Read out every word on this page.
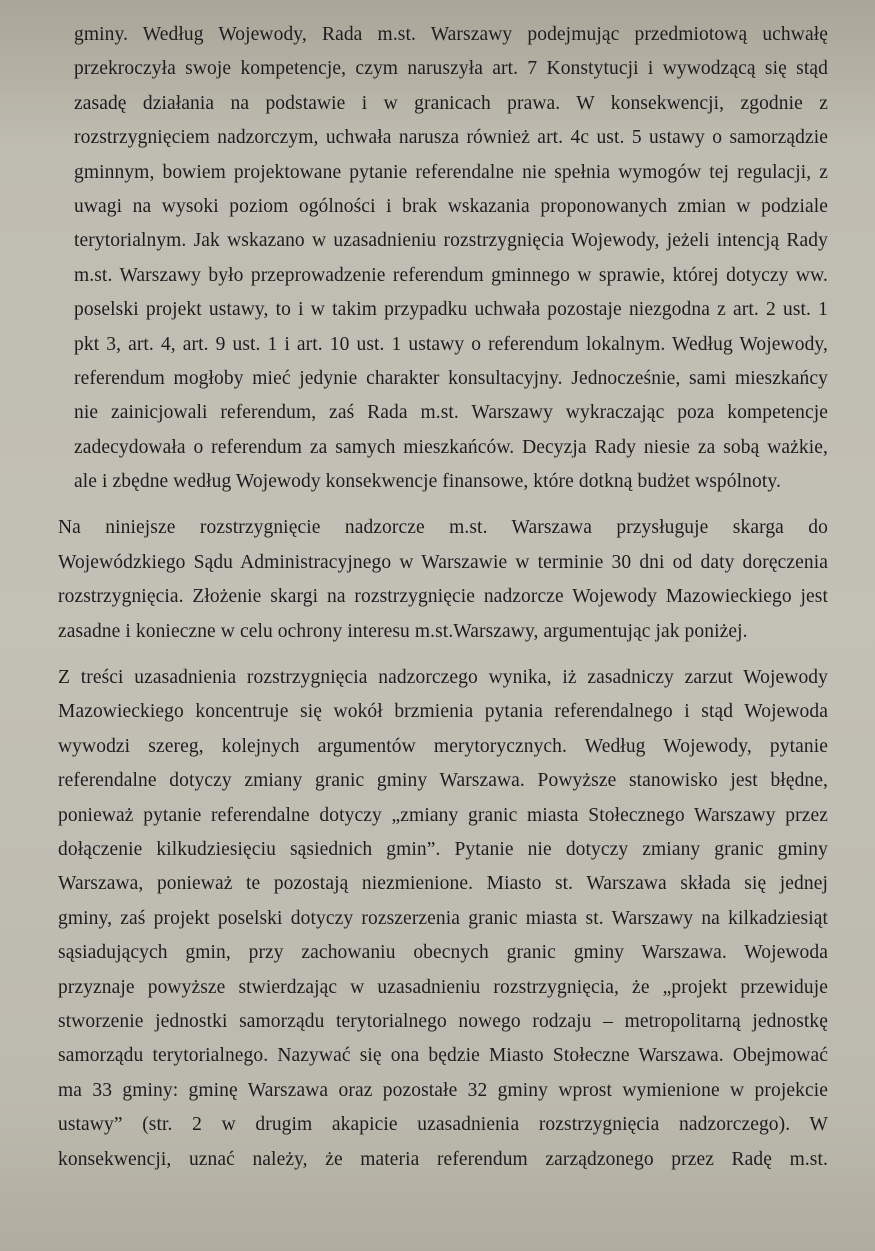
gminy. Według Wojewody, Rada m.st. Warszawy podejmując przedmiotową uchwałę
przekroczyła swoje kompetencje, czym naruszyła art. 7 Konstytucji i wywodzącą się stąd
zasadę działania na podstawie i w granicach prawa. W konsekwencji, zgodnie z
rozstrzygnięciem nadzorczym, uchwała narusza również art. 4c ust. 5 ustawy o samorządzie
gminnym, bowiem projektowane pytanie referendalne nie spełnia wymogów tej regulacji, z
uwagi na wysoki poziom ogólności i brak wskazania proponowanych zmian w podziale
terytorialnym. Jak wskazano w uzasadnieniu rozstrzygnięcia Wojewody, jeżeli intencją Rady
m.st. Warszawy było przeprowadzenie referendum gminnego w sprawie, której dotyczy ww.
poselski projekt ustawy, to i w takim przypadku uchwała pozostaje niezgodna z art. 2 ust. 1
pkt 3, art. 4, art. 9 ust. 1 i art. 10 ust. 1 ustawy o referendum lokalnym. Według Wojewody,
referendum mogłoby mieć jedynie charakter konsultacyjny. Jednocześnie, sami mieszkańcy
nie zainicjowali referendum, zaś Rada m.st. Warszawy wykraczając poza kompetencje
zadecydowała o referendum za samych mieszkańców. Decyzja Rady niesie za sobą ważkie,
ale i zbędne według Wojewody konsekwencje finansowe, które dotkną budżet wspólnoty.
Na niniejsze rozstrzygnięcie nadzorcze m.st. Warszawa przysługuje skarga do
Wojewódzkiego Sądu Administracyjnego w Warszawie w terminie 30 dni od daty doręczenia
rozstrzygnięcia. Złożenie skargi na rozstrzygnięcie nadzorcze Wojewody Mazowieckiego jest
zasadne i konieczne w celu ochrony interesu m.st.Warszawy, argumentując jak poniżej.
Z treści uzasadnienia rozstrzygnięcia nadzorczego wynika, iż zasadniczy zarzut Wojewody
Mazowieckiego koncentruje się wokół brzmienia pytania referendalnego i stąd Wojewoda
wywodzi szereg, kolejnych argumentów merytorycznych. Według Wojewody, pytanie
referendalne dotyczy zmiany granic gminy Warszawa. Powyższe stanowisko jest błędne,
ponieważ pytanie referendalne dotyczy „zmiany granic miasta Stołecznego Warszawy przez
dołączenie kilkudziesięciu sąsiednich gmin”. Pytanie nie dotyczy zmiany granic gminy
Warszawa, ponieważ te pozostają niezmienione. Miasto st. Warszawa składa się jednej
gminy, zaś projekt poselski dotyczy rozszerzenia granic miasta st. Warszawy na kilkadziesiąt
sąsiadujących gmin, przy zachowaniu obecnych granic gminy Warszawa. Wojewoda
przyznaje powyższe stwierdzając w uzasadnieniu rozstrzygnięcia, że „projekt przewiduje
stworzenie jednostki samorządu terytorialnego nowego rodzaju – metropolitarną jednostkę
samorządu terytorialnego. Nazywać się ona będzie Miasto Stołeczne Warszawa. Obejmować
ma 33 gminy: gminę Warszawa oraz pozostałe 32 gminy wprost wymienione w projekcie
ustawy” (str. 2 w drugim akapicie uzasadnienia rozstrzygnięcia nadzorczego). W
konsekwencji, uznać należy, że materia referendum zarządzonego przez Radę m.st.
